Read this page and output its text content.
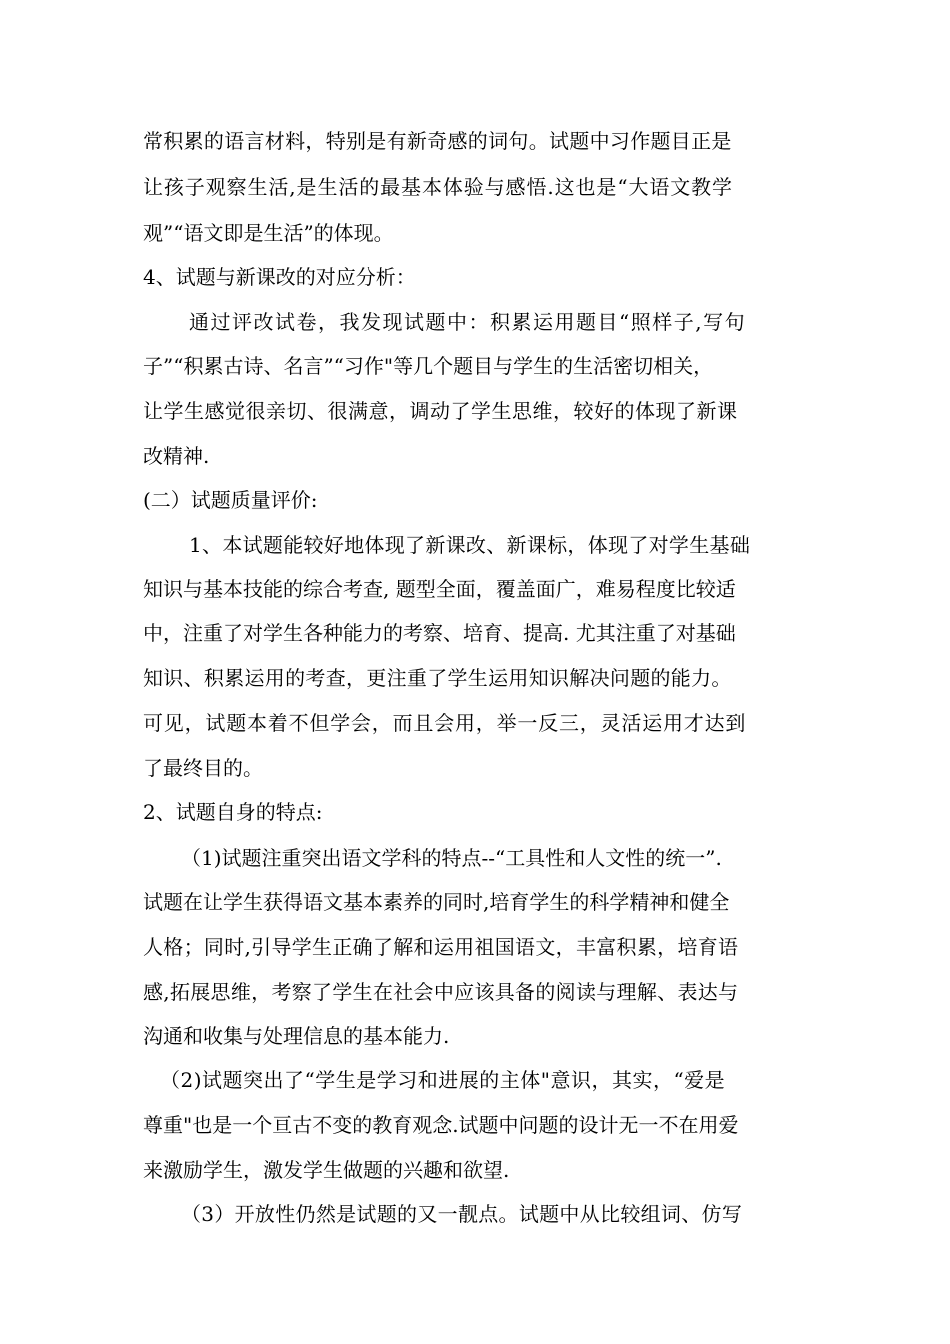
常积累的语言材料，特别是有新奇感的词句。试题中习作题目正是
让孩子观察生活,是生活的最基本体验与感悟.这也是“大语文教学
观”“语文即是生活”的体现。
4、试题与新课改的对应分析：
通过评改试卷，我发现试题中：积累运用题目“照样子,写句
子”“积累古诗、名言”“习作"等几个题目与学生的生活密切相关，
让学生感觉很亲切、很满意，调动了学生思维，较好的体现了新课
改精神.
(二）试题质量评价:
1、本试题能较好地体现了新课改、新课标，体现了对学生基础
知识与基本技能的综合考查, 题型全面，覆盖面广，难易程度比较适
中，注重了对学生各种能力的考察、培育、提高. 尤其注重了对基础
知识、积累运用的考查，更注重了学生运用知识解决问题的能力。
可见，试题本着不但学会，而且会用，举一反三，灵活运用才达到
了最终目的。
2、试题自身的特点:
（1)试题注重突出语文学科的特点--“工具性和人文性的统一”.
试题在让学生获得语文基本素养的同时,培育学生的科学精神和健全
人格；同时,引导学生正确了解和运用祖国语文，丰富积累，培育语
感,拓展思维，考察了学生在社会中应该具备的阅读与理解、表达与
沟通和收集与处理信息的基本能力.
（2)试题突出了“学生是学习和进展的主体"意识，其实，“爱是
尊重"也是一个亘古不变的教育观念.试题中问题的设计无一不在用爱
来激励学生，激发学生做题的兴趣和欲望.
（3）开放性仍然是试题的又一靓点。试题中从比较组词、仿写
